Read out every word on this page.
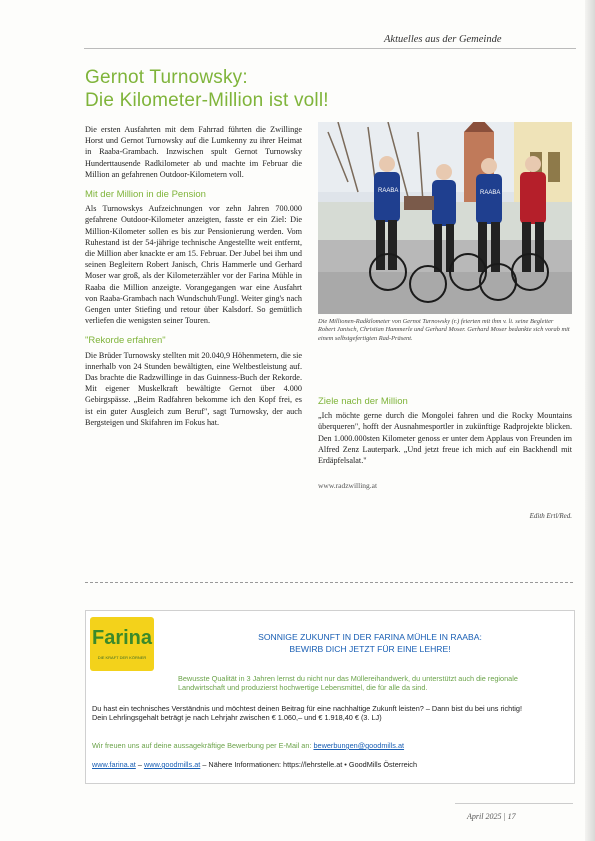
Aktuelles aus der Gemeinde
Gernot Turnowsky:
Die Kilometer-Million ist voll!

Die ersten Ausfahrten mit dem Fahrrad führten die Zwillinge Horst und Gernot Turnowsky auf die Lumkenny zu ihrer Heimat in Raaba-Grambach. Inzwischen spult Gernot Turnowsky Hunderttausende Radkilometer ab und machte im Februar die Million an gefahrenen Outdoor-Kilometern voll.

Mit der Million in die Pension

Als Turnowskys Aufzeichnungen vor zehn Jahren 700.000 gefahrene Outdoor-Kilometer anzeigten, fasste er ein Ziel: Die Million-Kilometer sollen es bis zur Pensionierung werden. Vom Ruhestand ist der 54-jährige technische Angestellte weit entfernt, die Million aber knackte er am 15. Februar. Der Jubel bei ihm und seinen Begleitern Robert Janisch, Chris Hammerle und Gerhard Moser war groß, als der Kilometerzähler vor der Farina Mühle in Raaba die Million anzeigte. Vorangegangen war eine Ausfahrt von Raaba-Grambach nach Wundschuh/Fungl. Weiter ging's nach Gengen unter Stiefing und retour über Kalsdorf. So gemütlich verliefen die wenigsten seiner Touren.

"Rekorde erfahren"

Die Brüder Turnowsky stellten mit 20.040,9 Höhenmetern, die sie innerhalb von 24 Stunden bewältigten, eine Weltbestleistung auf. Das brachte die Radzwillinge in das Guinness-Buch der Rekorde. Mit eigener Muskelkraft bewältigte Gernot über 4.000 Gebirgspässe. „Beim Radfahren bekomme ich den Kopf frei, es ist ein guter Ausgleich zum Beruf", sagt Turnowsky, der auch Bergsteigen und Skifahren im Fokus hat.

RAABA	RAABA
Die Millionen-Radkilometer von Gernot Turnowsky (r.) feierten mit ihm v. li. seine Begleiter Robert Janisch, Christian Hammerle und Gerhard Moser. Gerhard Moser bedankte sich vorab mit einem selbstgefertigten Rad-Präsent.
Ziele nach der Million

„Ich möchte gerne durch die Mongolei fahren und die Rocky Mountains überqueren", hofft der Ausnahmesportler in zukünftige Radprojekte blicken. Den 1.000.000sten Kilometer genoss er unter dem Applaus von Freunden im Alfred Zenz Lauterpark. „Und jetzt freue ich mich auf ein Backhendl mit Erdäpfelsalat."

www.radzwilling.at
Edith Ertl/Red.
Farina
DIE KRAFT DER KÖRNER
SONNIGE ZUKUNFT IN DER FARINA MÜHLE IN RAABA:
BEWIRB DICH JETZT FÜR EINE LEHRE!
Bewusste Qualität in 3 Jahren lernst du nicht nur das Müllereihandwerk, du unterstützt auch die regionale Landwirtschaft und produzierst hochwertige Lebensmittel, die für alle da sind.
Du hast ein technisches Verständnis und möchtest deinen Beitrag für eine nachhaltige Zukunft leisten? – Dann bist du bei uns richtig!
Dein Lehrlingsgehalt beträgt je nach Lehrjahr zwischen € 1.060,– und € 1.918,40 € (3. LJ)
Wir freuen uns auf deine aussagekräftige Bewerbung per E-Mail an: bewerbungen@goodmills.at
www.farina.at – www.goodmills.at – Nähere Informationen: https://lehrstelle.at • GoodMills Österreich
April 2025 | 17
